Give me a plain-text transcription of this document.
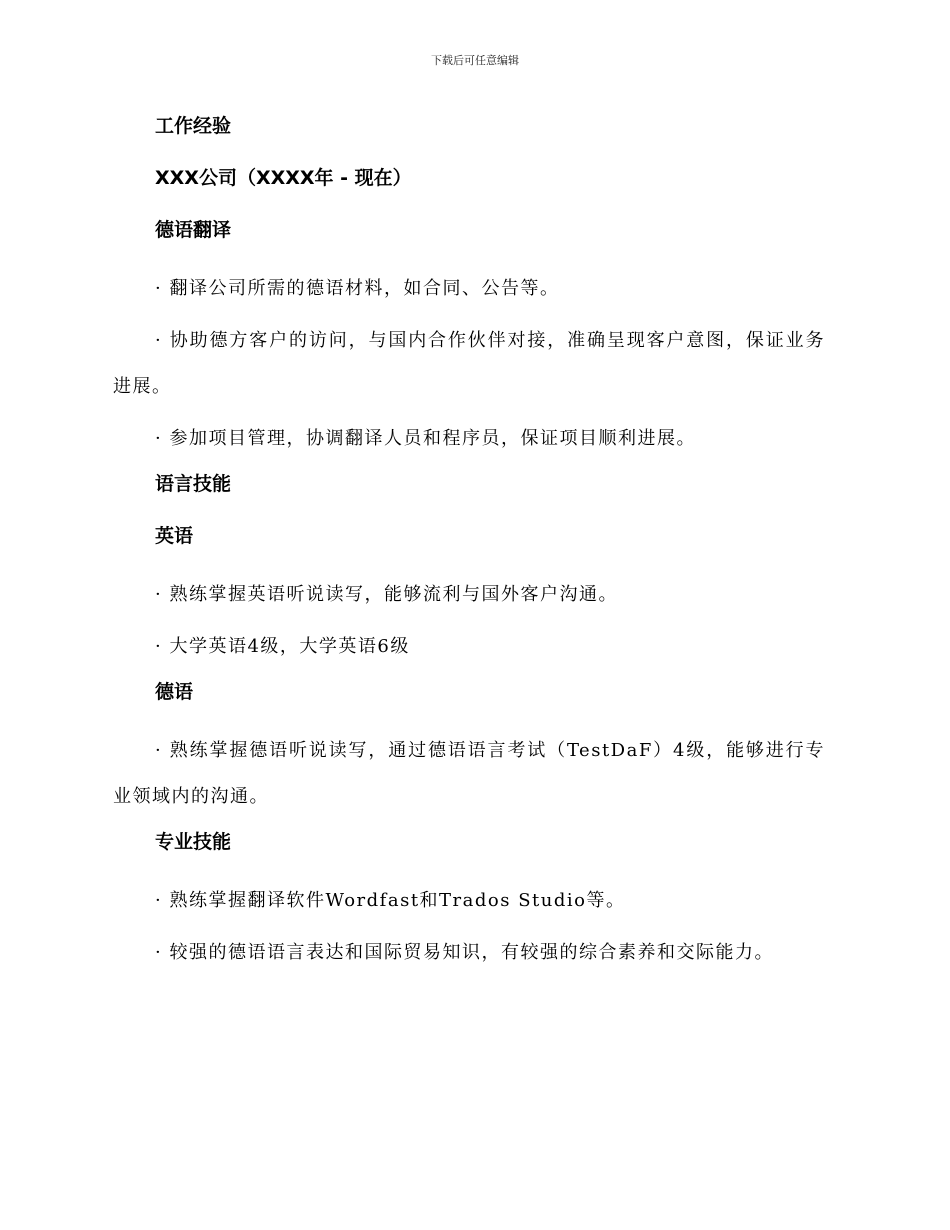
下载后可任意编辑
工作经验
XXX公司（XXXX年 - 现在）
德语翻译
· 翻译公司所需的德语材料，如合同、公告等。
· 协助德方客户的访问，与国内合作伙伴对接，准确呈现客户意图，保证业务进展。
· 参加项目管理，协调翻译人员和程序员，保证项目顺利进展。
语言技能
英语
· 熟练掌握英语听说读写，能够流利与国外客户沟通。
· 大学英语4级，大学英语6级
德语
· 熟练掌握德语听说读写，通过德语语言考试（TestDaF）4级，能够进行专业领域内的沟通。
专业技能
· 熟练掌握翻译软件Wordfast和Trados Studio等。
· 较强的德语语言表达和国际贸易知识，有较强的综合素养和交际能力。
